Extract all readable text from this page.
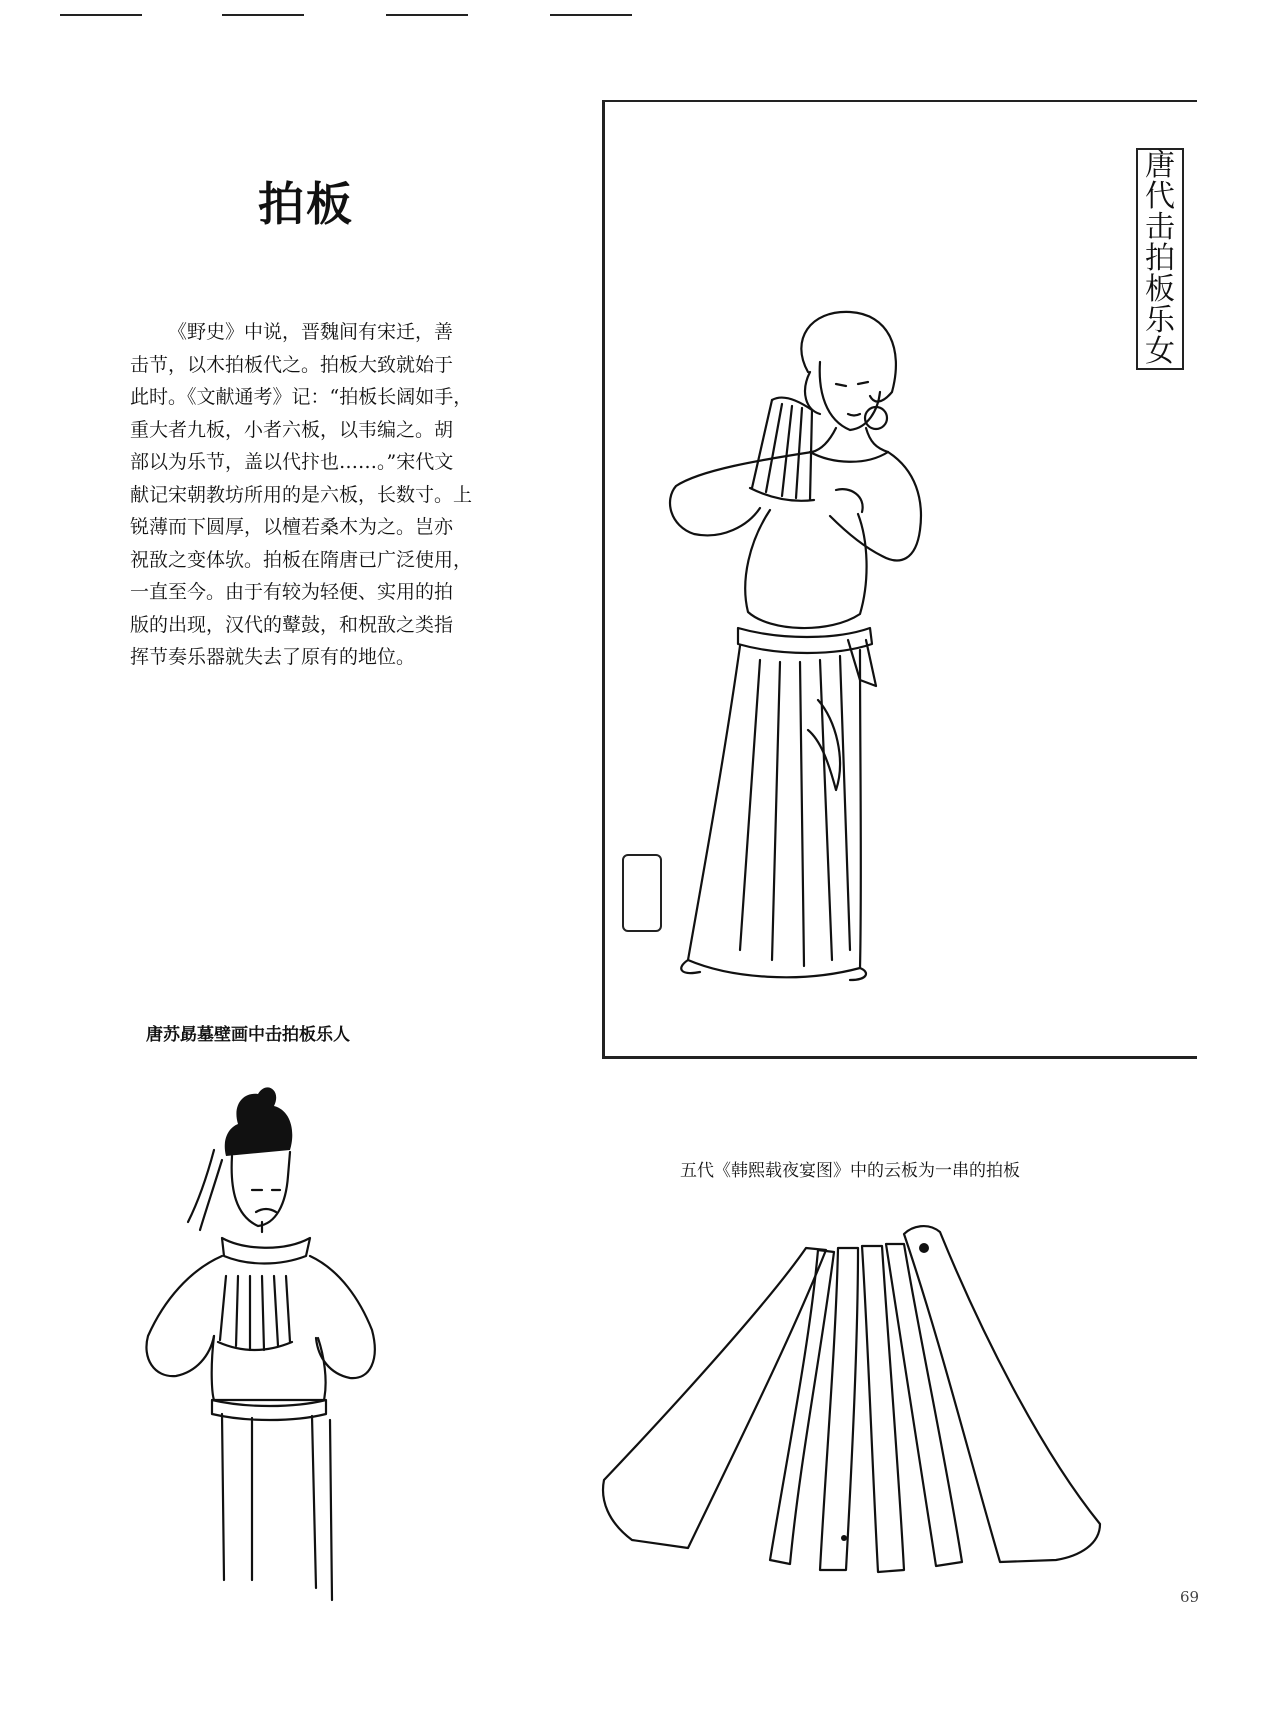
拍板
《野史》中说，晋魏间有宋迁，善
击节，以木拍板代之。拍板大致就始于
此时。《文献通考》记：“拍板长阔如手，
重大者九板，小者六板，以韦编之。胡
部以为乐节，盖以代抃也……。”宋代文
献记宋朝教坊所用的是六板，长数寸。上
锐薄而下圆厚，以檀若桑木为之。岂亦
祝敔之变体欤。拍板在隋唐已广泛使用，
一直至今。由于有较为轻便、实用的拍
版的出现，汉代的鼙鼓，和柷敔之类指
挥节奏乐器就失去了原有的地位。
唐
代
击
拍
板
乐
女
唐苏勗墓壁画中击拍板乐人
五代《韩熙载夜宴图》中的云板为一串的拍板
69
